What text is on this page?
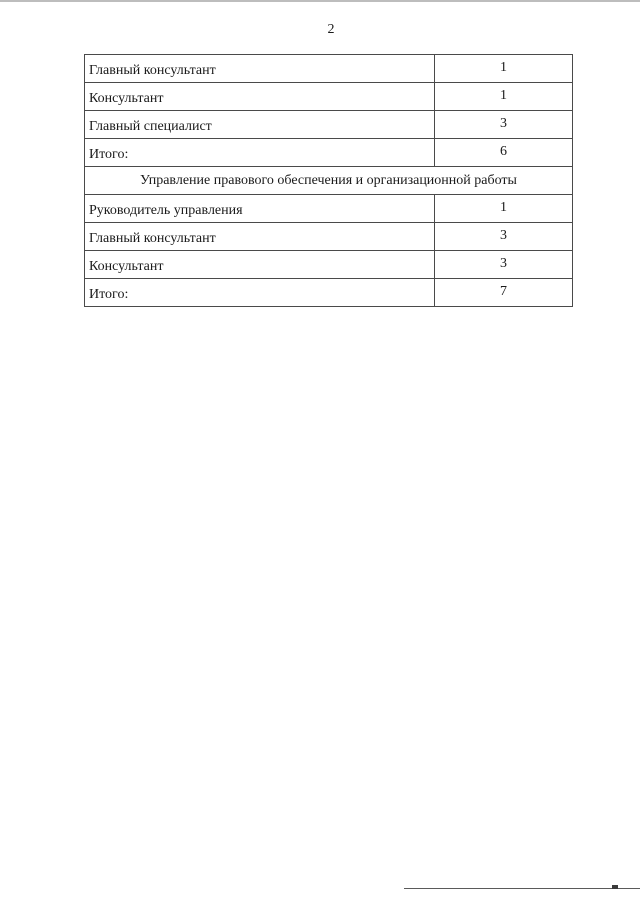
2
Главный консультант	1
Консультант	1
Главный специалист	3
Итого:	6
Управление правового обеспечения и организационной работы	
Руководитель управления	1
Главный консультант	3
Консультант	3
Итого:	7
